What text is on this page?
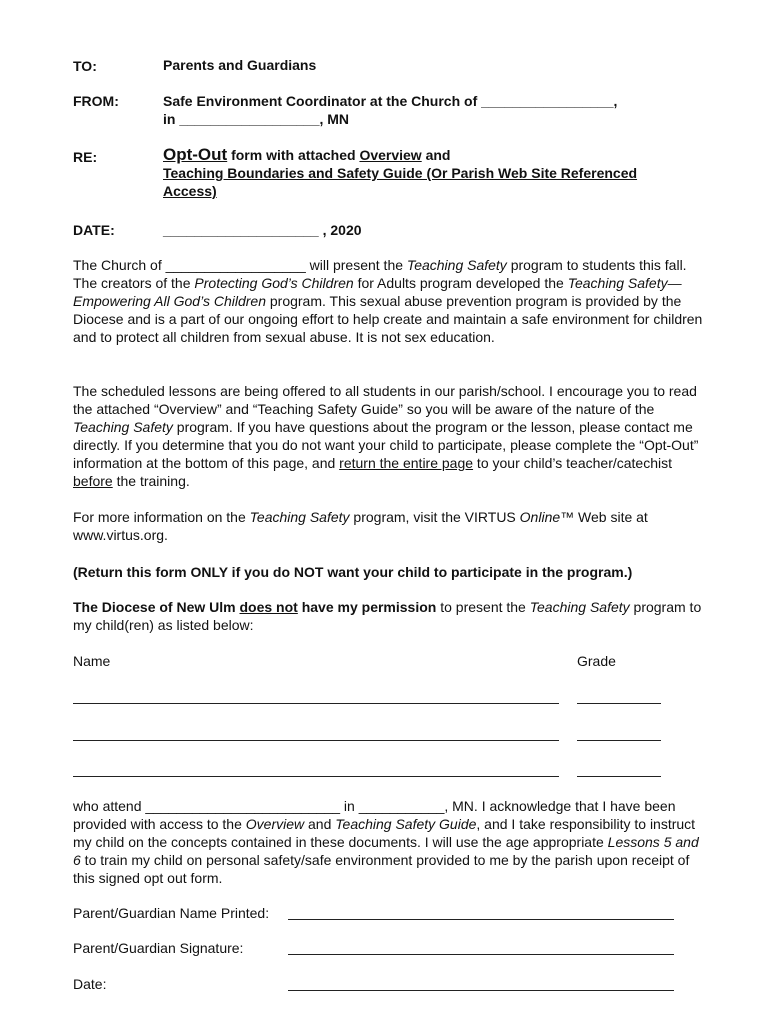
TO:	Parents and Guardians
FROM:	Safe Environment Coordinator at the Church of _________________,
in __________________, MN
RE:	Opt-Out form with attached Overview and
Teaching Boundaries and Safety Guide (Or Parish Web Site Referenced
Access)
DATE:	____________________ , 2020

The Church of __________________ will present the Teaching Safety program to students this fall. The creators of the Protecting God’s Children for Adults program developed the Teaching Safety—Empowering All God’s Children program. This sexual abuse prevention program is provided by the Diocese and is a part of our ongoing effort to help create and maintain a safe environment for children and to protect all children from sexual abuse. It is not sex education.

The scheduled lessons are being offered to all students in our parish/school. I encourage you to read the attached “Overview” and “Teaching Safety Guide” so you will be aware of the nature of the Teaching Safety program. If you have questions about the program or the lesson, please contact me directly. If you determine that you do not want your child to participate, please complete the “Opt-Out” information at the bottom of this page, and return the entire page to your child’s teacher/catechist before the training.

For more information on the Teaching Safety program, visit the VIRTUS Online™ Web site at www.virtus.org.

(Return this form ONLY if you do NOT want your child to participate in the program.)

The Diocese of New Ulm does not have my permission to present the Teaching Safety program to my child(ren) as listed below:

Name	Grade

who attend _________________________ in ___________, MN. I acknowledge that I have been provided with access to the Overview and Teaching Safety Guide, and I take responsibility to instruct my child on the concepts contained in these documents. I will use the age appropriate Lessons 5 and 6 to train my child on personal safety/safe environment provided to me by the parish upon receipt of this signed opt out form.

Parent/Guardian Name Printed:
Parent/Guardian Signature:
Date:
